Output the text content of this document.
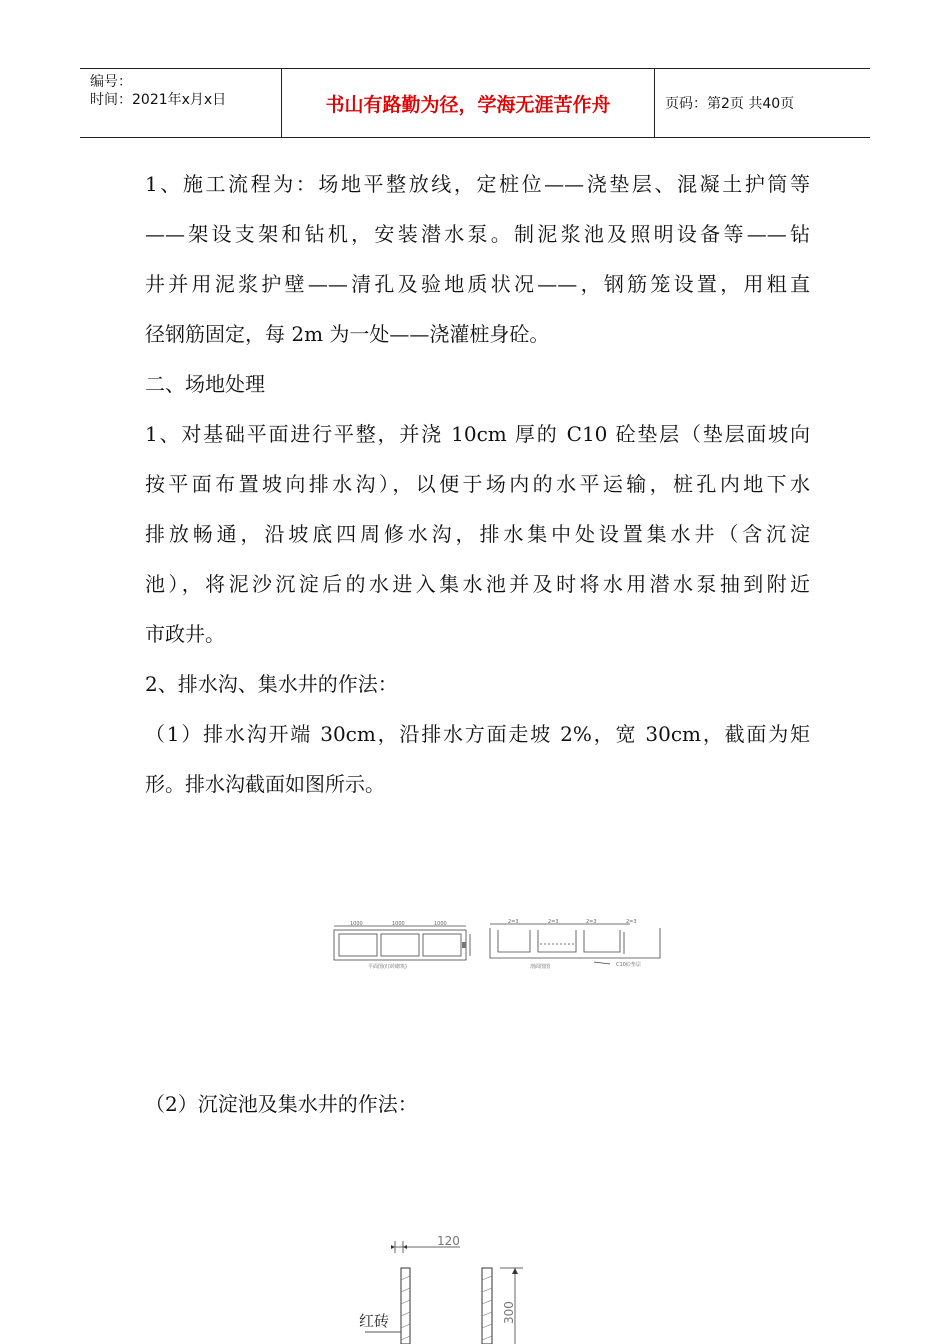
编号：
时间：2021年x月x日	书山有路勤为径，学海无涯苦作舟	页码：第2页 共40页
1、施工流程为：场地平整放线，定桩位——浇垫层、混凝土护筒等
——架设支架和钻机，安装潜水泵。制泥浆池及照明设备等——钻
井并用泥浆护壁——清孔及验地质状况——，钢筋笼设置，用粗直
径钢筋固定，每 2m 为一处——浇灌桩身砼。
二、场地处理
1、对基础平面进行平整，并浇 10cm 厚的 C10 砼垫层（垫层面坡向
按平面布置坡向排水沟），以便于场内的水平运输，桩孔内地下水
排放畅通，沿坡底四周修水沟，排水集中处设置集水井（含沉淀
池），将泥沙沉淀后的水进入集水池并及时将水用潜水泵抽到附近
市政井。
2、排水沟、集水井的作法：
（1）排水沟开端 30cm，沿排水方面走坡 2%，宽 30cm，截面为矩
形。排水沟截面如图所示。
1000	1000	1000	2=3	2=3	2=3	2=3
平面图(红砖砌筑)	剖面图图	C10砼垫层
（2）沉淀池及集水井的作法：
120
300
红砖
